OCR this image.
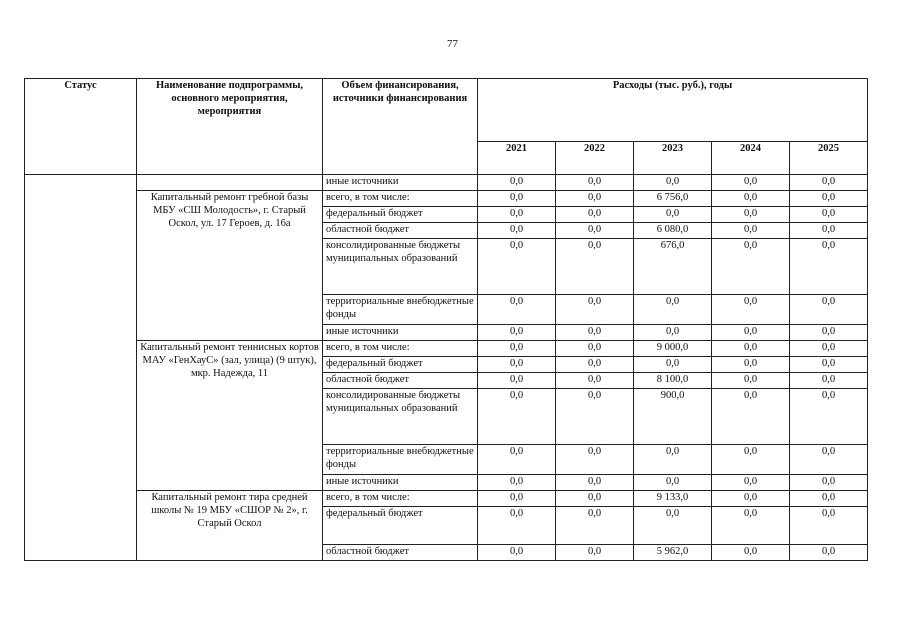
77
Статус	Наименование подпрограммы, основного мероприятия, мероприятия	Объем финансирования, источники финансирования	Расходы (тыс. руб.), годы				
			2021	2022	2023	2024	2025
		иные источники	0,0	0,0	0,0	0,0	0,0
	Капитальный ремонт гребной базы МБУ «СШ Молодость», г. Старый Оскол, ул. 17 Героев, д. 16а	всего, в том числе:	0,0	0,0	6 756,0	0,0	0,0
		федеральный бюджет	0,0	0,0	0,0	0,0	0,0
		областной бюджет	0,0	0,0	6 080,0	0,0	0,0
		консолидированные бюджеты муниципальных образований	0,0	0,0	676,0	0,0	0,0
		территориальные внебюджетные фонды	0,0	0,0	0,0	0,0	0,0
		иные источники	0,0	0,0	0,0	0,0	0,0
	Капитальный ремонт теннисных кортов МАУ «ГенХауС» (зал, улица) (9 штук), мкр. Надежда, 11	всего, в том числе:	0,0	0,0	9 000,0	0,0	0,0
		федеральный бюджет	0,0	0,0	0,0	0,0	0,0
		областной бюджет	0,0	0,0	8 100,0	0,0	0,0
		консолидированные бюджеты муниципальных образований	0,0	0,0	900,0	0,0	0,0
		территориальные внебюджетные фонды	0,0	0,0	0,0	0,0	0,0
		иные источники	0,0	0,0	0,0	0,0	0,0
	Капитальный ремонт тира средней школы № 19 МБУ «СШОР № 2», г. Старый Оскол	всего, в том числе:	0,0	0,0	9 133,0	0,0	0,0
		федеральный бюджет	0,0	0,0	0,0	0,0	0,0
		областной бюджет	0,0	0,0	5 962,0	0,0	0,0
